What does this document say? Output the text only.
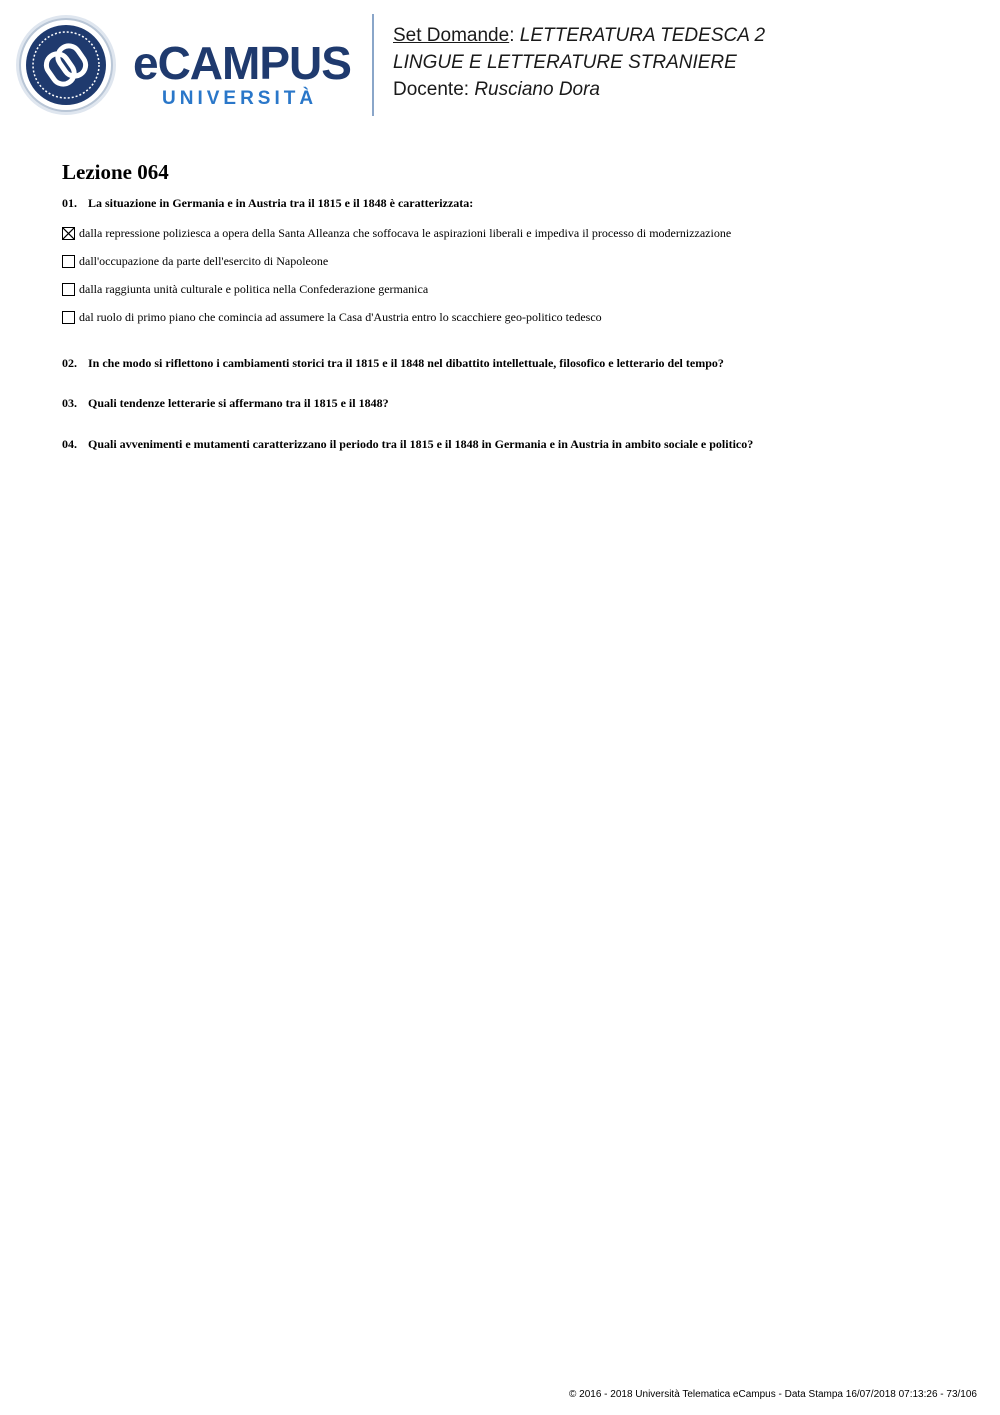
eCAMPUS
UNIVERSITÀ
Set Domande: LETTERATURA TEDESCA 2
LINGUE E LETTERATURE STRANIERE
Docente: Rusciano Dora
Lezione 064

01. La situazione in Germania e in Austria tra il 1815 e il 1848 è caratterizzata:

dalla repressione poliziesca a opera della Santa Alleanza che soffocava le aspirazioni liberali e impediva il processo di modernizzazione
dall'occupazione da parte dell'esercito di Napoleone
dalla raggiunta unità culturale e politica nella Confederazione germanica
dal ruolo di primo piano che comincia ad assumere la Casa d'Austria entro lo scacchiere geo-politico tedesco

02. In che modo si riflettono i cambiamenti storici tra il 1815 e il 1848 nel dibattito intellettuale, filosofico e letterario del tempo?

03. Quali tendenze letterarie si affermano tra il 1815 e il 1848?

04. Quali avvenimenti e mutamenti caratterizzano il periodo tra il 1815 e il 1848 in Germania e in Austria in ambito sociale e politico?

© 2016 - 2018 Università Telematica eCampus - Data Stampa 16/07/2018 07:13:26 - 73/106
